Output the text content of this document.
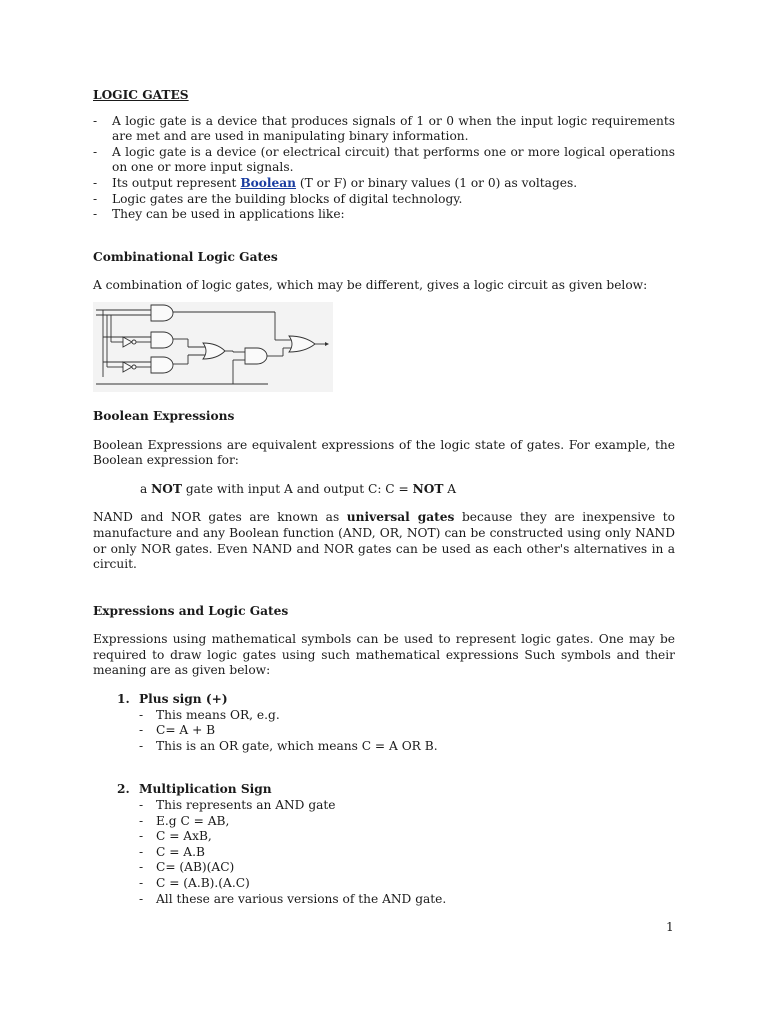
LOGIC GATES
- A logic gate is a device that produces signals of 1 or 0 when the input logic requirements are met and are used in manipulating binary information.
- A logic gate is a device (or electrical circuit) that performs one or more logical operations on one or more input signals.
- Its output represent Boolean (T or F) or binary values (1 or 0) as voltages.
- Logic gates are the building blocks of digital technology.
- They can be used in applications like:
Combinational Logic Gates

A combination of logic gates, which may be different, gives a logic circuit as given below:

Boolean Expressions

Boolean Expressions are equivalent expressions of the logic state of gates. For example, the Boolean expression for:

a NOT gate with input A and output C: C = NOT A

NAND and NOR gates are known as universal gates because they are inexpensive to manufacture and any Boolean function (AND, OR, NOT) can be constructed using only NAND or only NOR gates. Even NAND and NOR gates can be used as each other's alternatives in a circuit.

Expressions and Logic Gates

Expressions using mathematical symbols can be used to represent logic gates. One may be required to draw logic gates using such mathematical expressions Such symbols and their meaning are as given below:

1. Plus sign (+)
- This means OR, e.g.
- C= A + B
- This is an OR gate, which means C = A OR B.
2. Multiplication Sign
- This represents an AND gate
- E.g C = AB,
- C = AxB,
- C = A.B
- C= (AB)(AC)
- C = (A.B).(A.C)
- All these are various versions of the AND gate.
1
